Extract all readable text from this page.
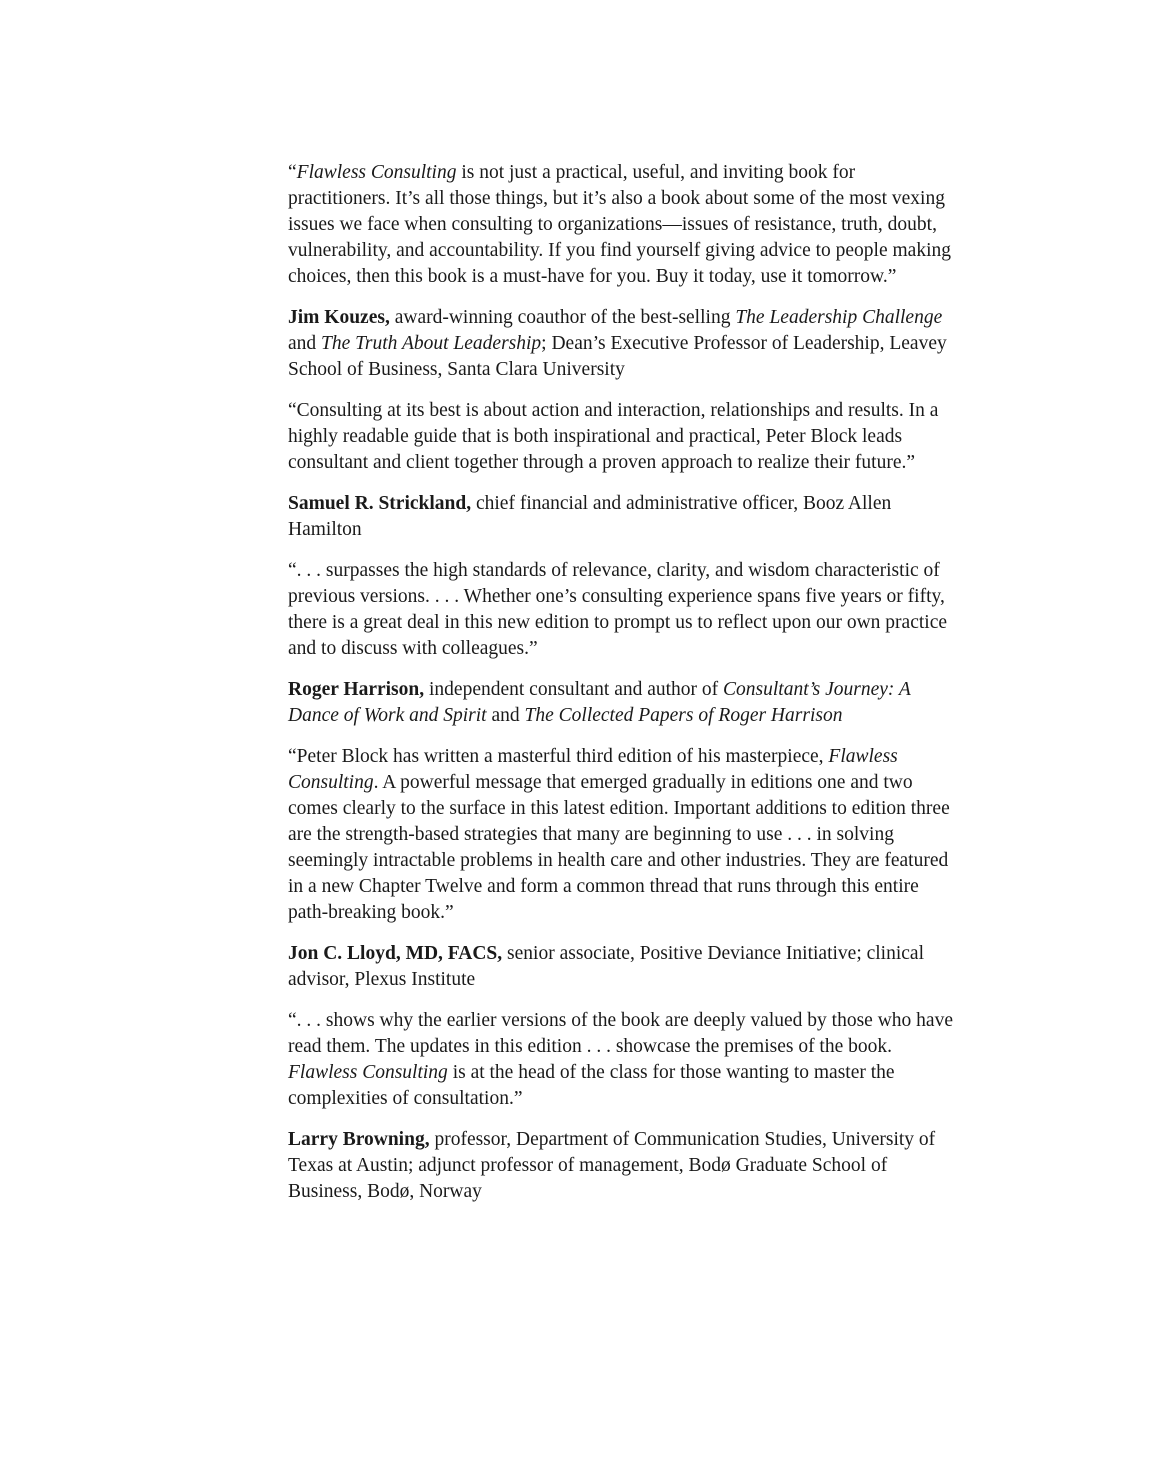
“Flawless Consulting is not just a practical, useful, and inviting book for practitioners. It’s all those things, but it’s also a book about some of the most vexing issues we face when consulting to organizations—issues of resistance, truth, doubt, vulnerability, and accountability. If you find yourself giving advice to people making choices, then this book is a must-have for you. Buy it today, use it tomorrow.”

Jim Kouzes, award-winning coauthor of the best-selling The Leadership Challenge and The Truth About Leadership; Dean’s Executive Professor of Leadership, Leavey School of Business, Santa Clara University

“Consulting at its best is about action and interaction, relationships and results. In a highly readable guide that is both inspirational and practical, Peter Block leads consultant and client together through a proven approach to realize their future.”

Samuel R. Strickland, chief financial and administrative officer, Booz Allen Hamilton

“. . . surpasses the high standards of relevance, clarity, and wisdom characteristic of previous versions. . . . Whether one’s consulting experience spans five years or fifty, there is a great deal in this new edition to prompt us to reflect upon our own practice and to discuss with colleagues.”

Roger Harrison, independent consultant and author of Consultant’s Journey: A Dance of Work and Spirit and The Collected Papers of Roger Harrison

“Peter Block has written a masterful third edition of his masterpiece, Flawless Consulting. A powerful message that emerged gradually in editions one and two comes clearly to the surface in this latest edition. Important additions to edition three are the strength-based strategies that many are beginning to use . . . in solving seemingly intractable problems in health care and other industries. They are featured in a new Chapter Twelve and form a common thread that runs through this entire path-breaking book.”

Jon C. Lloyd, MD, FACS, senior associate, Positive Deviance Initiative; clinical advisor, Plexus Institute

“. . . shows why the earlier versions of the book are deeply valued by those who have read them. The updates in this edition . . . showcase the premises of the book. Flawless Consulting is at the head of the class for those wanting to master the complexities of consultation.”

Larry Browning, professor, Department of Communication Studies, University of Texas at Austin; adjunct professor of management, Bodø Graduate School of Business, Bodø, Norway
